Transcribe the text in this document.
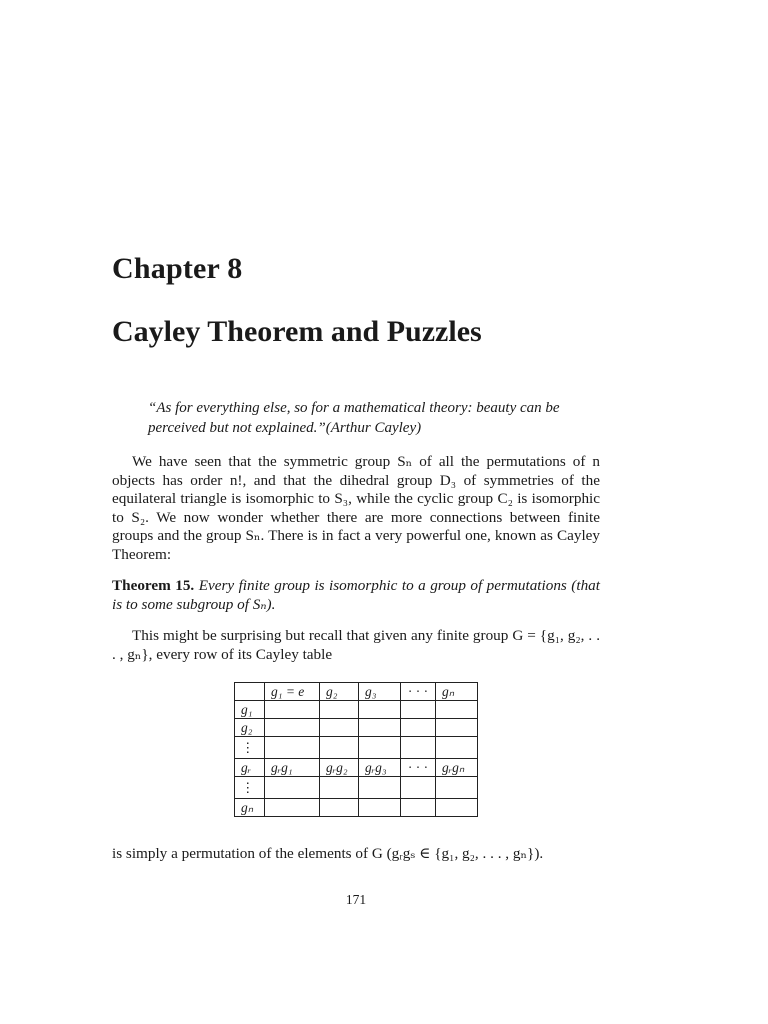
Chapter 8
Cayley Theorem and Puzzles
“As for everything else, so for a mathematical theory: beauty can be perceived but not explained.”(Arthur Cayley)
We have seen that the symmetric group Sₙ of all the permutations of n objects has order n!, and that the dihedral group D₃ of symmetries of the equilateral triangle is isomorphic to S₃, while the cyclic group C₂ is isomorphic to S₂. We now wonder whether there are more connections between finite groups and the group Sₙ. There is in fact a very powerful one, known as Cayley Theorem:
Theorem 15. Every finite group is isomorphic to a group of permutations (that is to some subgroup of Sₙ).
This might be surprising but recall that given any finite group G = {g₁, g₂, . . . , gₙ}, every row of its Cayley table
	g₁ = e	g₂	g₃	· · ·	gₙ
g₁					
g₂					
⋮					
gᵣ	gᵣg₁	gᵣg₂	gᵣg₃	· · ·	gᵣgₙ
⋮					
gₙ					
is simply a permutation of the elements of G (gᵣgₛ ∈ {g₁, g₂, . . . , gₙ}).
171
